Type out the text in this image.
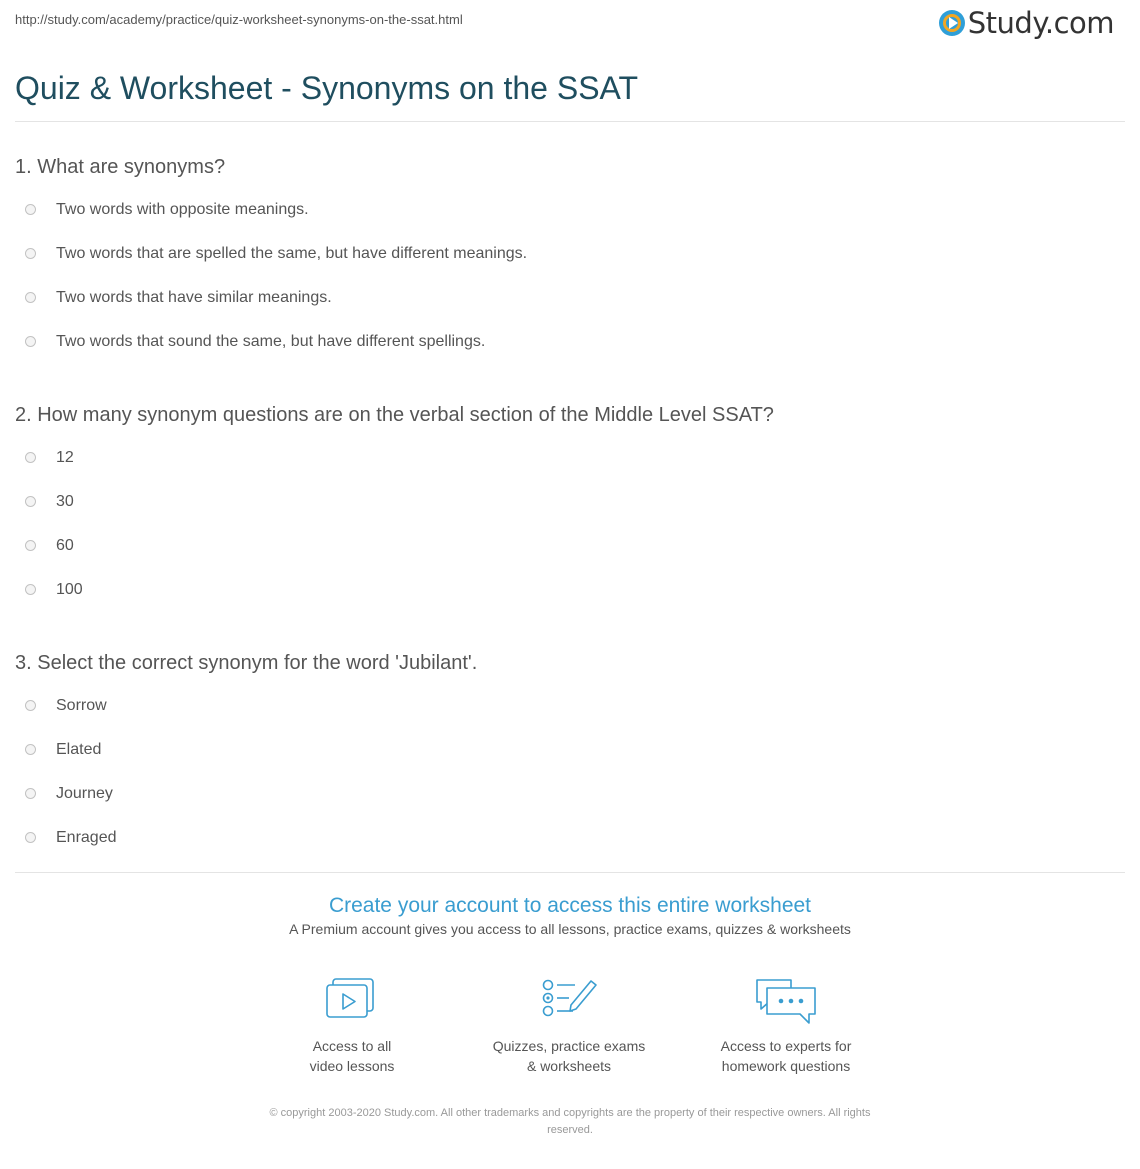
http://study.com/academy/practice/quiz-worksheet-synonyms-on-the-ssat.html	Study.com
Quiz & Worksheet - Synonyms on the SSAT
1. What are synonyms?
Two words with opposite meanings.
Two words that are spelled the same, but have different meanings.
Two words that have similar meanings.
Two words that sound the same, but have different spellings.
2. How many synonym questions are on the verbal section of the Middle Level SSAT?
12
30
60
100
3. Select the correct synonym for the word 'Jubilant'.
Sorrow
Elated
Journey
Enraged
Create your account to access this entire worksheet
A Premium account gives you access to all lessons, practice exams, quizzes & worksheets
Access to all
video lessons
Quizzes, practice exams
& worksheets
Access to experts for
homework questions
© copyright 2003-2020 Study.com. All other trademarks and copyrights are the property of their respective owners. All rights
reserved.
